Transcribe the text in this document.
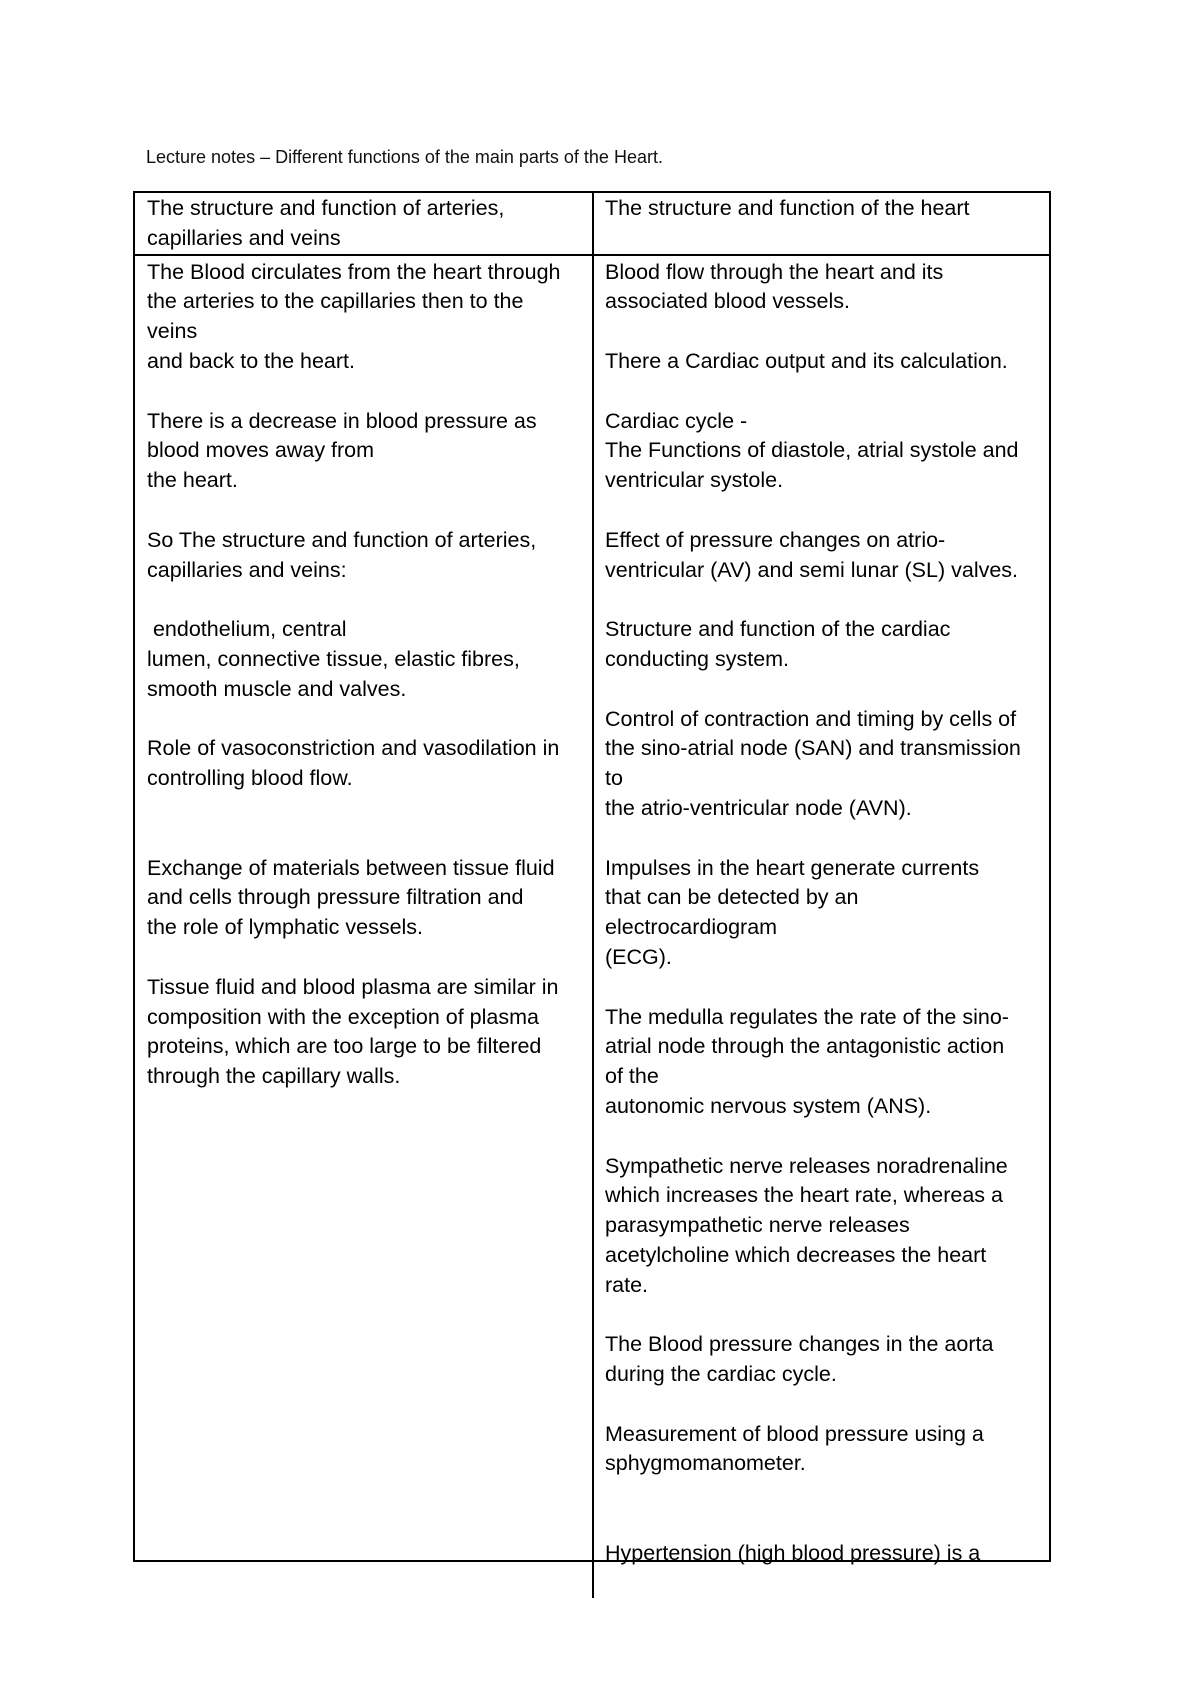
Lecture notes – Different functions of the main parts of the Heart.

The structure and function of arteries,
capillaries and veins
The structure and function of the heart
The Blood circulates from the heart through
the arteries to the capillaries then to the
veins
and back to the heart.
There is a decrease in blood pressure as
blood moves away from
the heart.
So The structure and function of arteries,
capillaries and veins:
endothelium, central
lumen, connective tissue, elastic fibres,
smooth muscle and valves.
Role of vasoconstriction and vasodilation in
controlling blood flow.

Exchange of materials between tissue fluid
and cells through pressure filtration and
the role of lymphatic vessels.
Tissue fluid and blood plasma are similar in
composition with the exception of plasma
proteins, which are too large to be filtered
through the capillary walls.
Blood flow through the heart and its
associated blood vessels.
There a Cardiac output and its calculation.
Cardiac cycle -
The Functions of diastole, atrial systole and
ventricular systole.
Effect of pressure changes on atrio-
ventricular (AV) and semi lunar (SL) valves.
Structure and function of the cardiac
conducting system.
Control of contraction and timing by cells of
the sino-atrial node (SAN) and transmission
to
the atrio-ventricular node (AVN).
Impulses in the heart generate currents
that can be detected by an
electrocardiogram
(ECG).
The medulla regulates the rate of the sino-
atrial node through the antagonistic action
of the
autonomic nervous system (ANS).
Sympathetic nerve releases noradrenaline
which increases the heart rate, whereas a
parasympathetic nerve releases
acetylcholine which decreases the heart
rate.
The Blood pressure changes in the aorta
during the cardiac cycle.
Measurement of blood pressure using a
sphygmomanometer.

Hypertension (high blood pressure) is a
